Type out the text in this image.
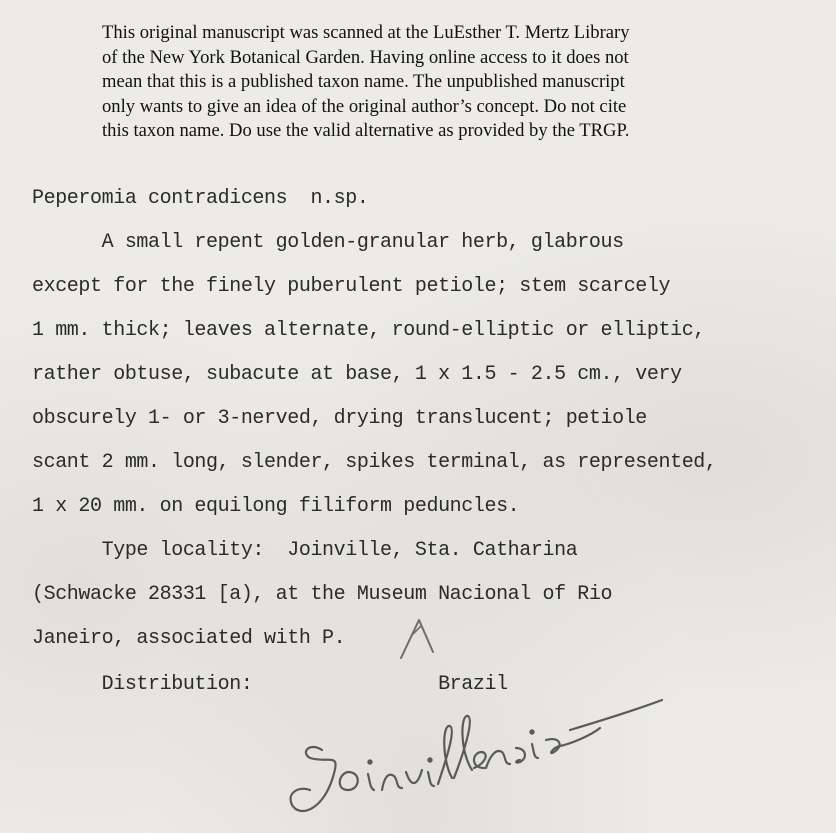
This original manuscript was scanned at the LuEsther T. Mertz Library
of the New York Botanical Garden. Having online access to it does not
mean that this is a published taxon name. The unpublished manuscript
only wants to give an idea of the original author’s concept. Do not cite
this taxon name. Do use the valid alternative as provided by the TRGP.
Peperomia contradicens  n.sp.
A small repent golden-granular herb, glabrous
except for the finely puberulent petiole; stem scarcely
1 mm. thick; leaves alternate, round-elliptic or elliptic,
rather obtuse, subacute at base, 1 x 1.5 - 2.5 cm., very
obscurely 1- or 3-nerved, drying translucent; petiole
scant 2 mm. long, slender, spikes terminal, as represented,
1 x 20 mm. on equilong filiform peduncles.
Type locality:  Joinville, Sta. Catharina
(Schwacke 28331 [a), at the Museum Nacional of Rio
Janeiro, associated with P.
Distribution:                Brazil
